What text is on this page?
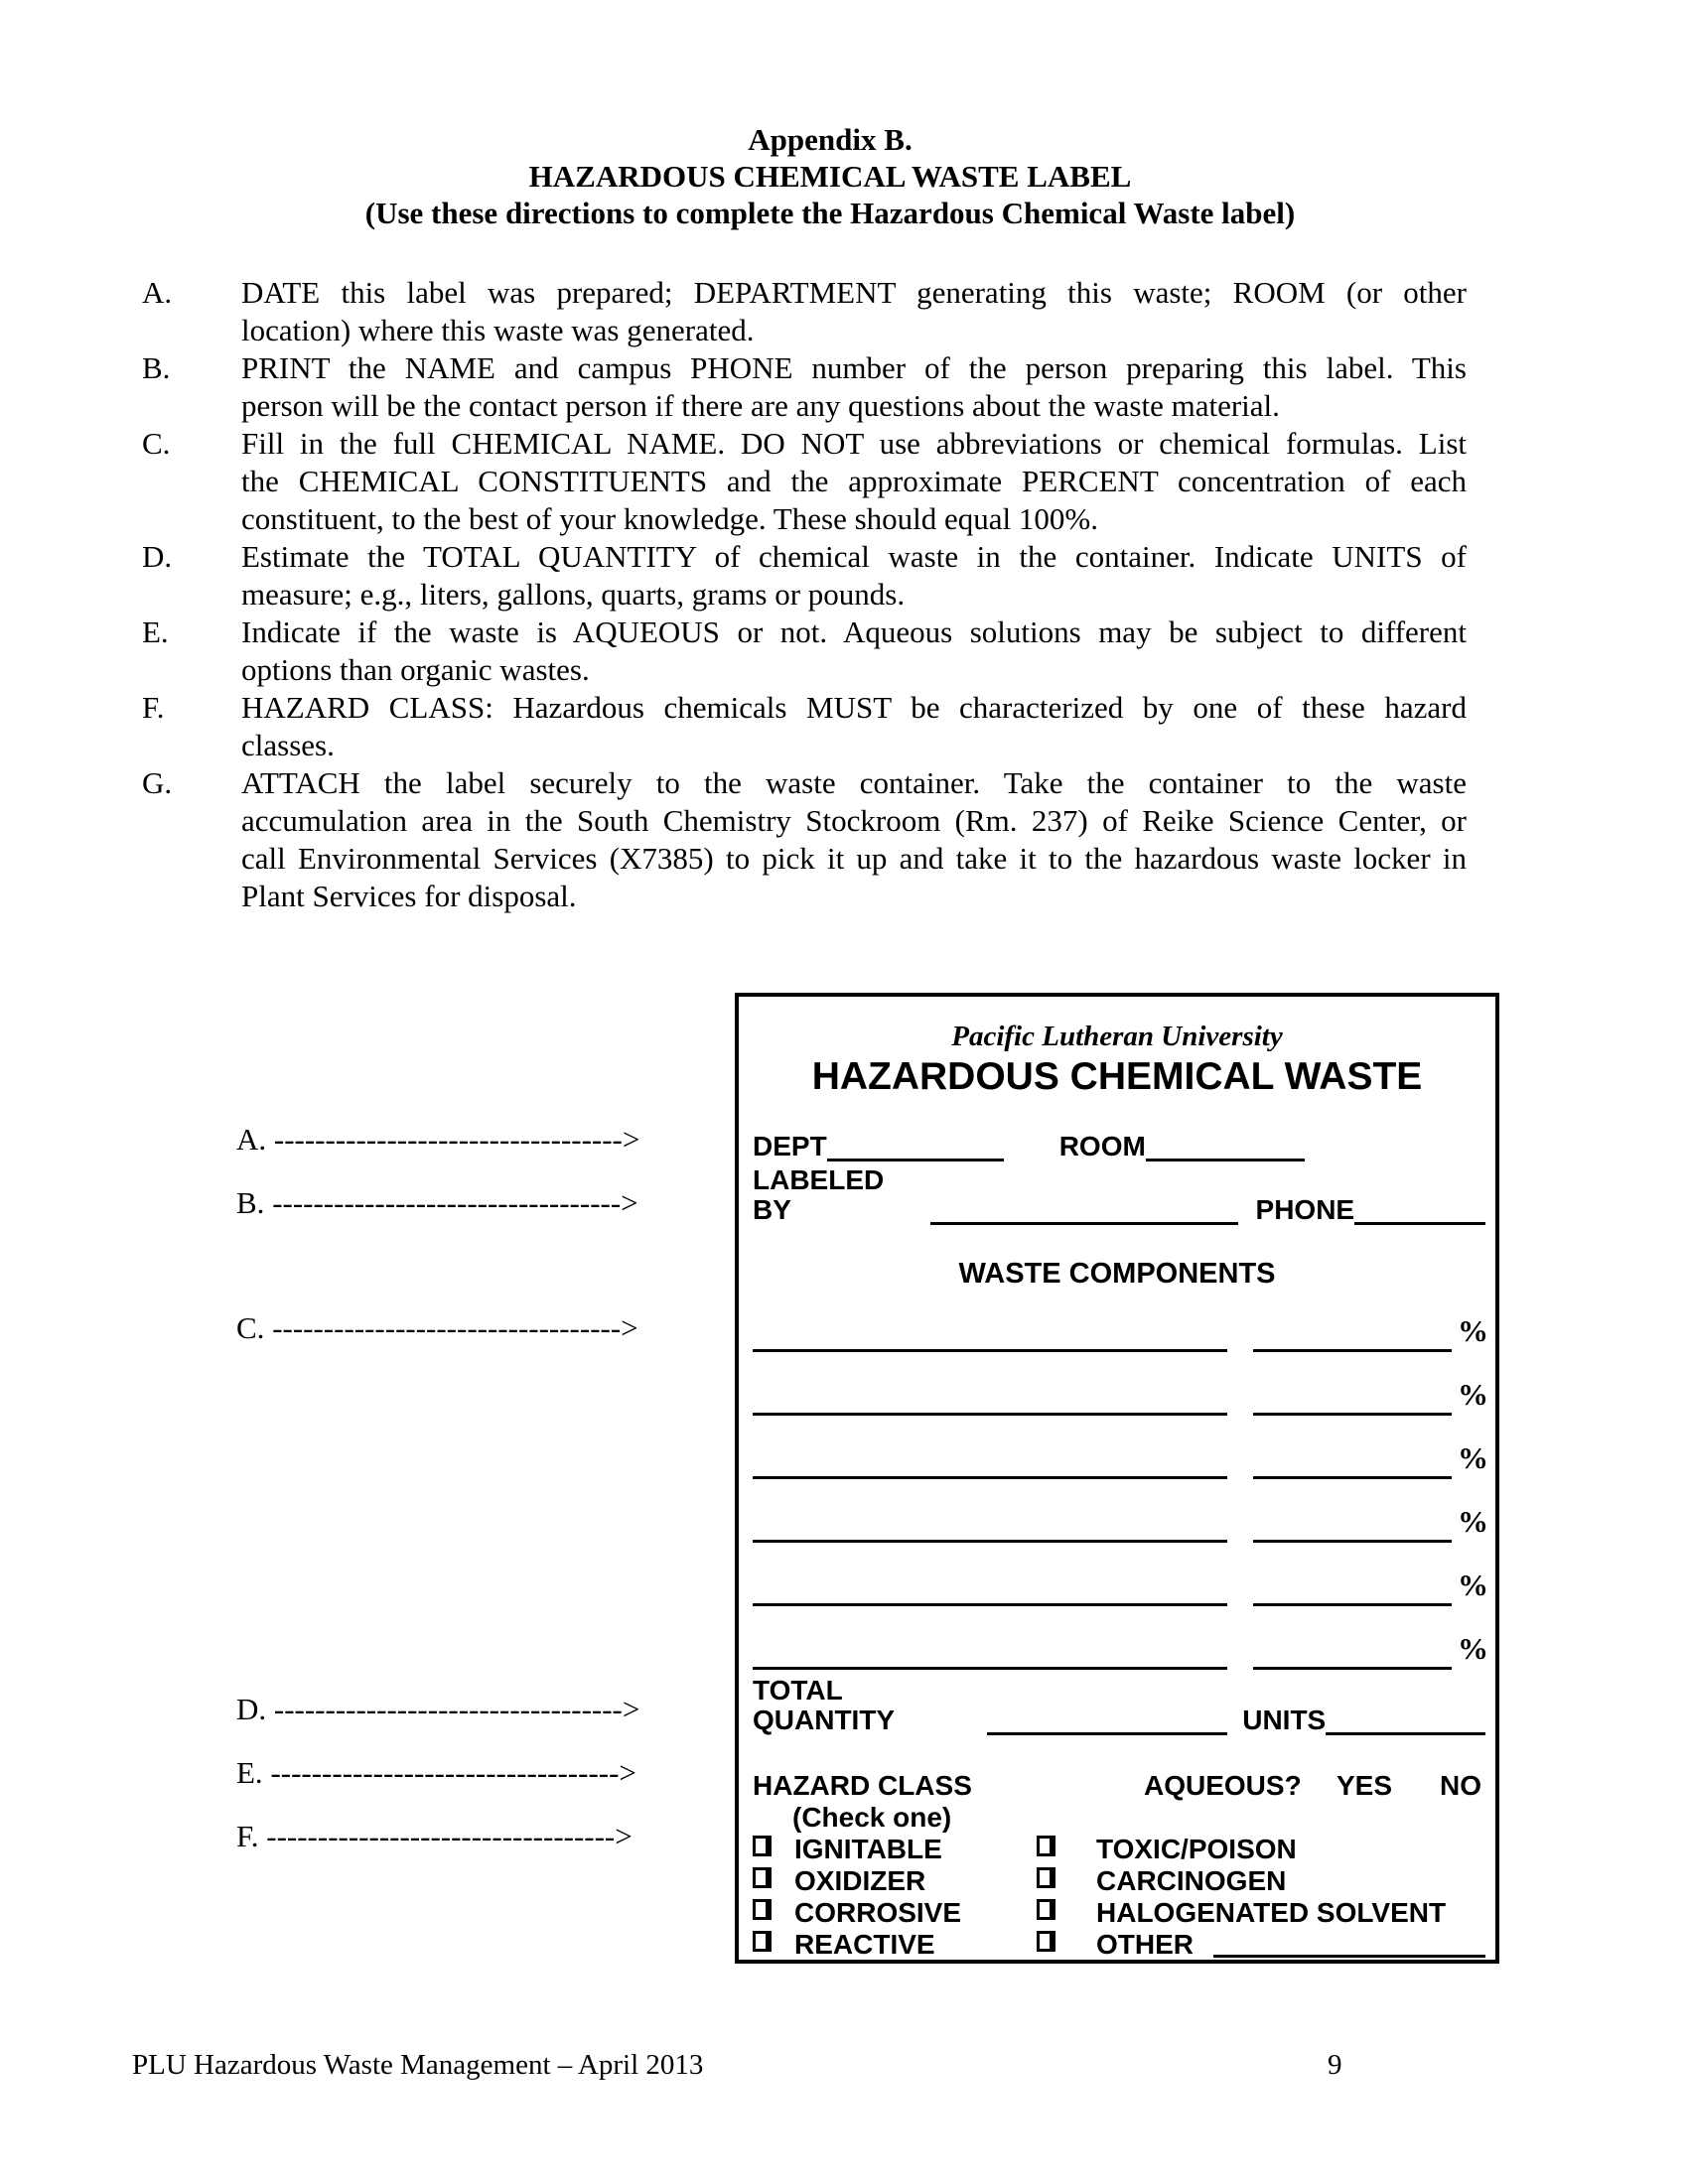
Appendix B.
HAZARDOUS CHEMICAL WASTE LABEL
(Use these directions to complete the Hazardous Chemical Waste label)
A.	DATE this label was prepared; DEPARTMENT generating this waste; ROOM (or other
location) where this waste was generated.
B.	PRINT the NAME and campus PHONE number of the person preparing this label. This
person will be the contact person if there are any questions about the waste material.
C.	Fill in the full CHEMICAL NAME. DO NOT use abbreviations or chemical formulas. List
the CHEMICAL CONSTITUENTS and the approximate PERCENT concentration of each
constituent, to the best of your knowledge. These should equal 100%.
D.	Estimate the TOTAL QUANTITY of chemical waste in the container. Indicate UNITS of
measure; e.g., liters, gallons, quarts, grams or pounds.
E.	Indicate if the waste is AQUEOUS or not. Aqueous solutions may be subject to different
options than organic wastes.
F.	HAZARD CLASS: Hazardous chemicals MUST be characterized by one of these hazard
classes.
G.	ATTACH the label securely to the waste container. Take the container to the waste
accumulation area in the South Chemistry Stockroom (Rm. 237) of Reike Science Center, or
call Environmental Services (X7385) to pick it up and take it to the hazardous waste locker in
Plant Services for disposal.
A. ---------------------------------->
B. ---------------------------------->
C. ---------------------------------->
D. ---------------------------------->
E. ---------------------------------->
F. ---------------------------------->
Pacific Lutheran University
HAZARDOUS CHEMICAL WASTE
DEPT	ROOM
LABELED BY	PHONE
WASTE COMPONENTS
%
%
%
%
%
%
TOTAL QUANTITY	UNITS
HAZARD CLASS	AQUEOUS? YES NO
(Check one)
IGNITABLE	TOXIC/POISON
OXIDIZER	CARCINOGEN
CORROSIVE	HALOGENATED SOLVENT
REACTIVE	OTHER
PLU Hazardous Waste Management – April 2013	9
